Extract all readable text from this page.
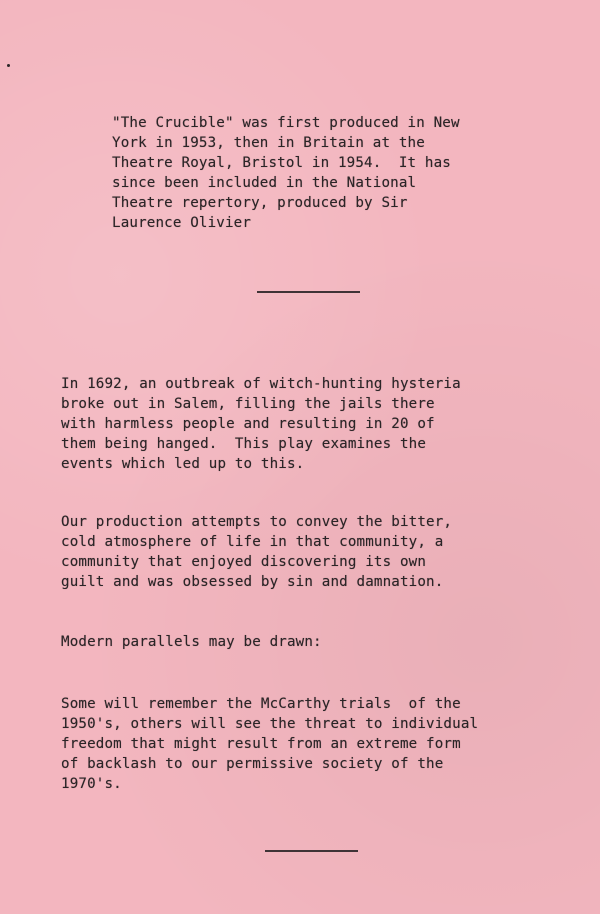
"The Crucible" was first produced in New
York in 1953, then in Britain at the
Theatre Royal, Bristol in 1954.  It has
since been included in the National
Theatre repertory, produced by Sir
Laurence Olivier
In 1692, an outbreak of witch-hunting hysteria
broke out in Salem, filling the jails there
with harmless people and resulting in 20 of
them being hanged.  This play examines the
events which led up to this.
Our production attempts to convey the bitter,
cold atmosphere of life in that community, a
community that enjoyed discovering its own
guilt and was obsessed by sin and damnation.
Modern parallels may be drawn:
Some will remember the McCarthy trials  of the
1950's, others will see the threat to individual
freedom that might result from an extreme form
of backlash to our permissive society of the
1970's.
